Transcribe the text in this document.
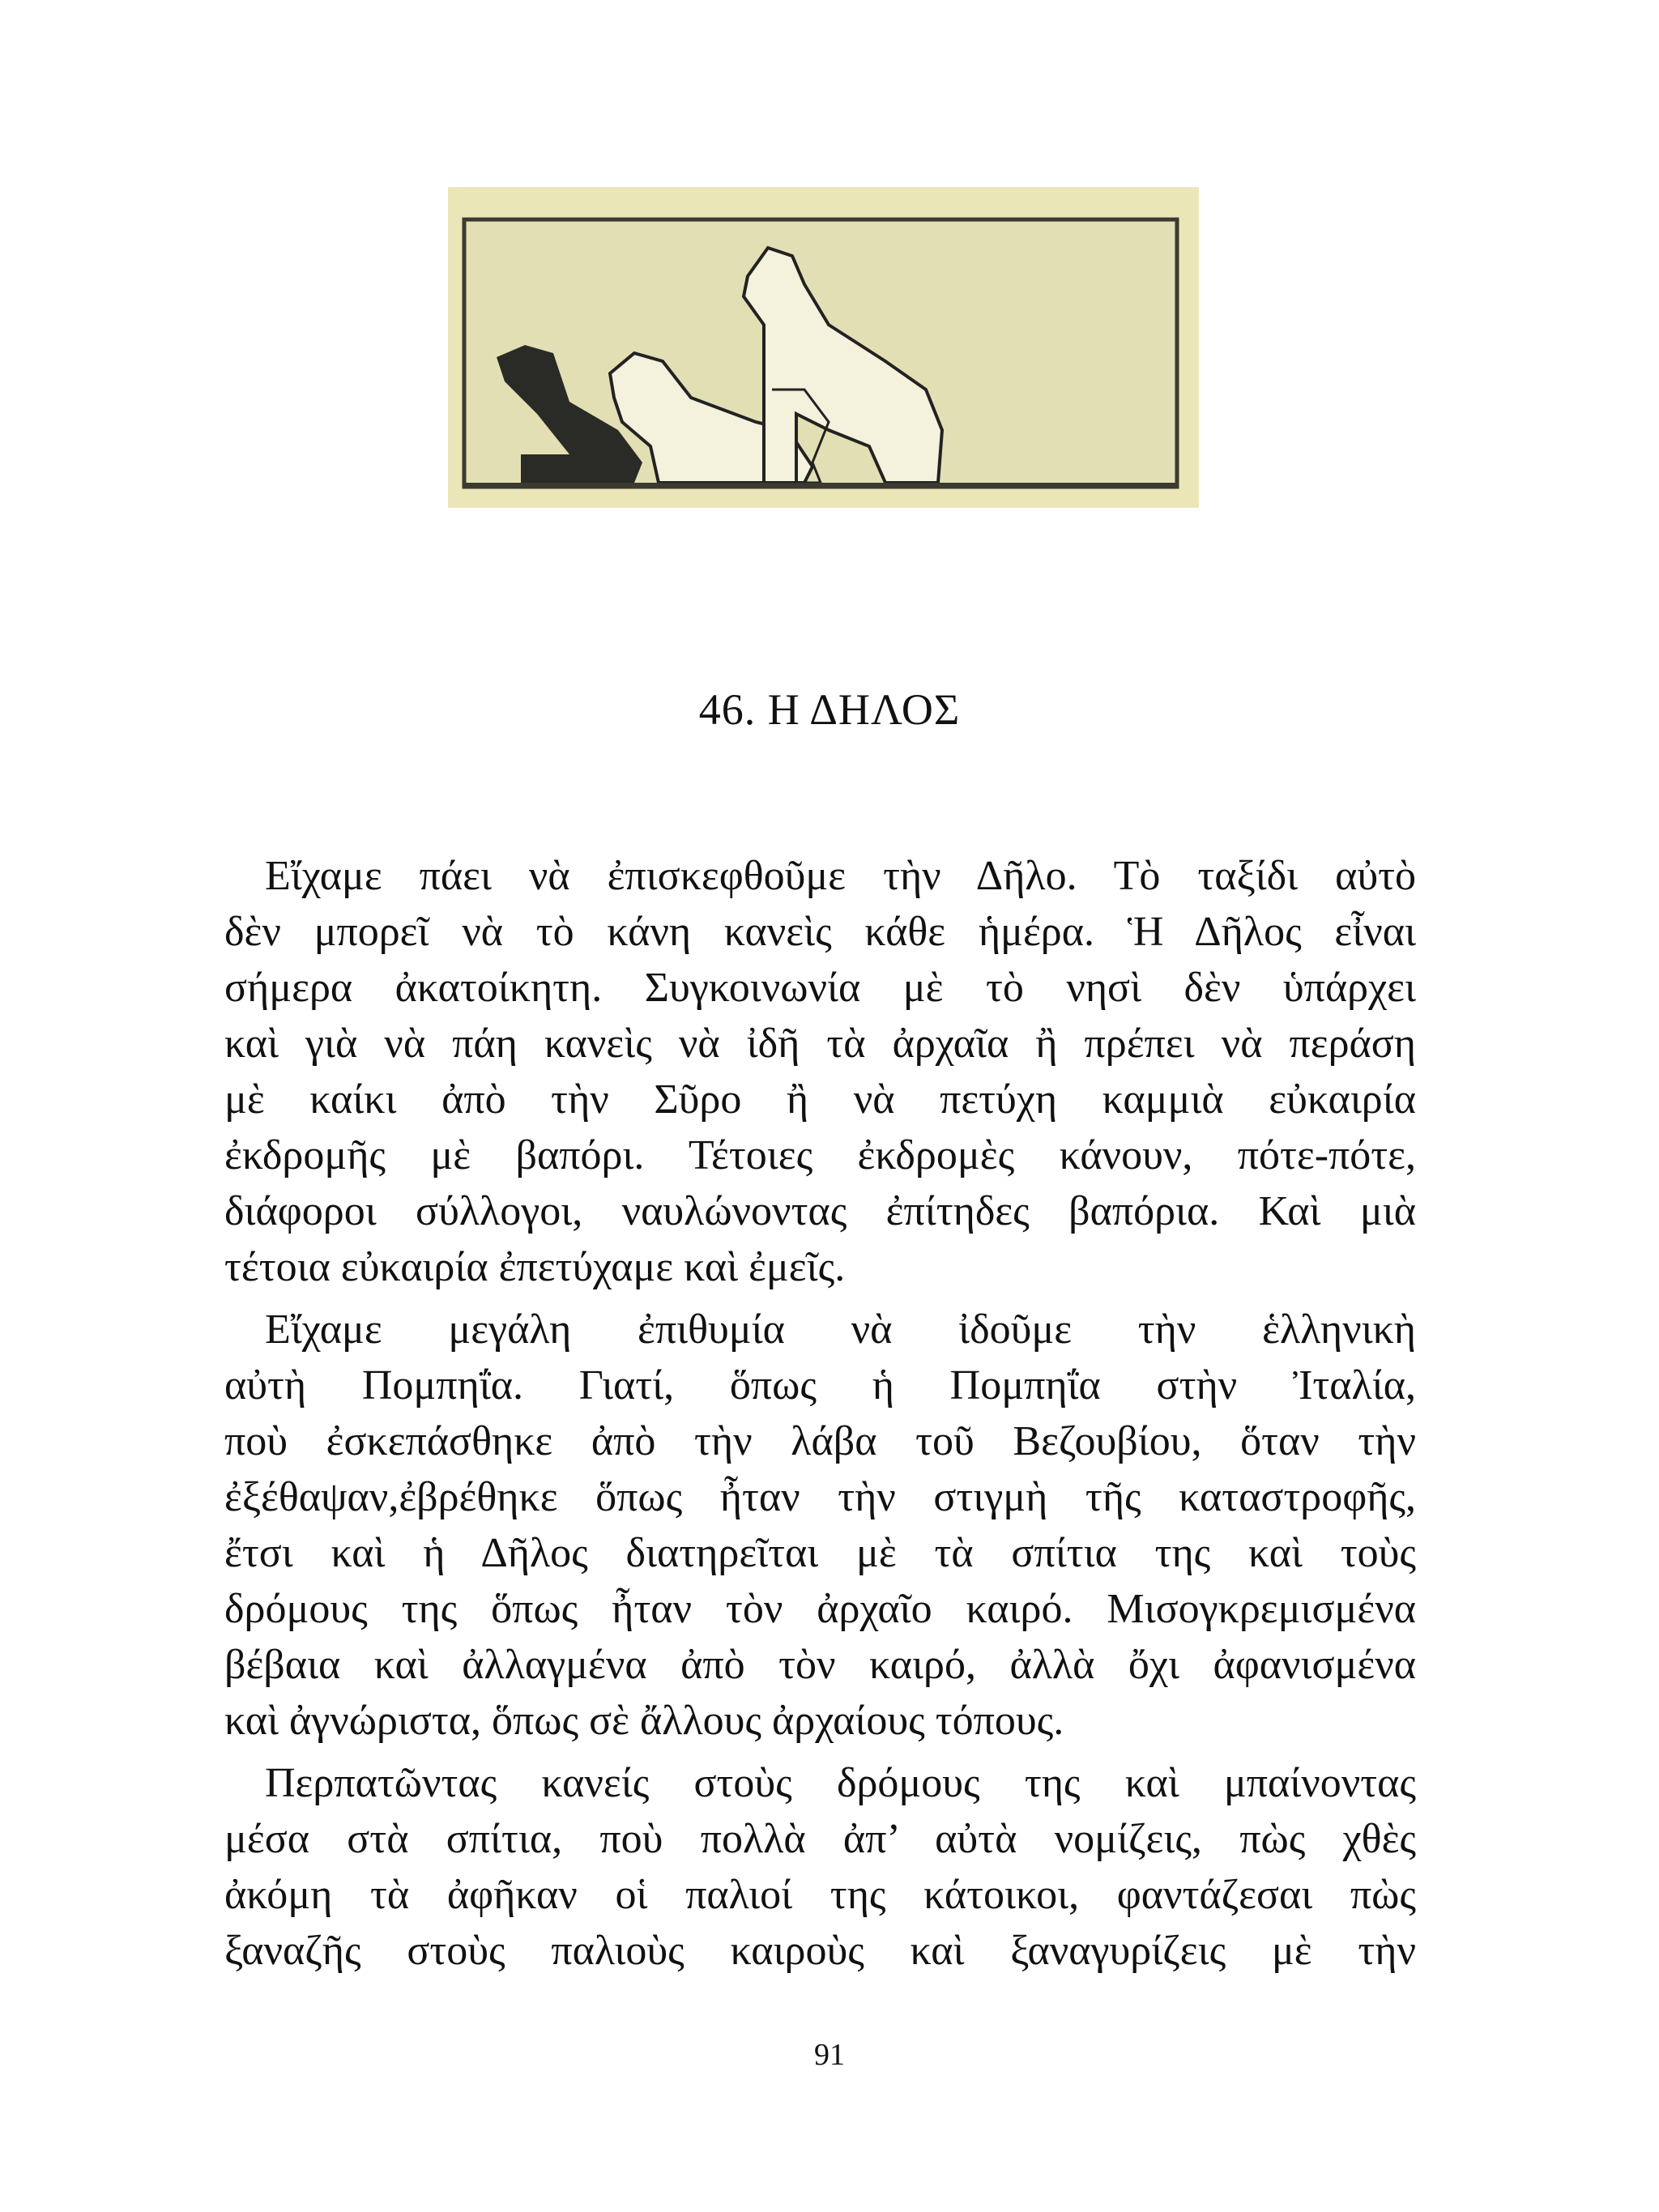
46. Η ΔΗΛΟΣ
Εἴχαμε πάει νὰ ἐπισκεφθοῦμε τὴν Δῆλο. Τὸ ταξίδι αὐτὸ
δὲν μπορεῖ νὰ τὸ κάνη κανεὶς κάθε ἡμέρα. Ἡ Δῆλος εἶναι
σήμερα ἀκατοίκητη. Συγκοινωνία μὲ τὸ νησὶ δὲν ὑπάρχει
καὶ γιὰ νὰ πάη κανεὶς νὰ ἰδῆ τὰ ἀρχαῖα ἢ πρέπει νὰ περάση
μὲ καίκι ἀπὸ τὴν Σῦρο ἢ νὰ πετύχη καμμιὰ εὐκαιρία
ἐκδρομῆς μὲ βαπόρι. Τέτοιες ἐκδρομὲς κάνουν, πότε-πότε,
διάφοροι σύλλογοι, ναυλώνοντας ἐπίτηδες βαπόρια. Καὶ μιὰ
τέτοια εὐκαιρία ἐπετύχαμε καὶ ἐμεῖς.
Εἴχαμε μεγάλη ἐπιθυμία νὰ ἰδοῦμε τὴν ἑλληνικὴ
αὐτὴ Πομπηΐα. Γιατί, ὅπως ἡ Πομπηΐα στὴν Ἰταλία,
ποὺ ἐσκεπάσθηκε ἀπὸ τὴν λάβα τοῦ Βεζουβίου, ὅταν τὴν
ἐξέθαψαν,ἐβρέθηκε ὅπως ἦταν τὴν στιγμὴ τῆς καταστροφῆς,
ἔτσι καὶ ἡ Δῆλος διατηρεῖται μὲ τὰ σπίτια της καὶ τοὺς
δρόμους της ὅπως ἦταν τὸν ἀρχαῖο καιρό. Μισογκρεμισμένα
βέβαια καὶ ἀλλαγμένα ἀπὸ τὸν καιρό, ἀλλὰ ὄχι ἀφανισμένα
καὶ ἀγνώριστα, ὅπως σὲ ἄλλους ἀρχαίους τόπους.
Περπατῶντας κανείς στοὺς δρόμους της καὶ μπαίνοντας
μέσα στὰ σπίτια, ποὺ πολλὰ ἀπ’ αὐτὰ νομίζεις, πὼς χθὲς
ἀκόμη τὰ ἀφῆκαν οἱ παλιοί της κάτοικοι, φαντάζεσαι πὼς
ξαναζῆς στοὺς παλιοὺς καιροὺς καὶ ξαναγυρίζεις μὲ τὴν
91
